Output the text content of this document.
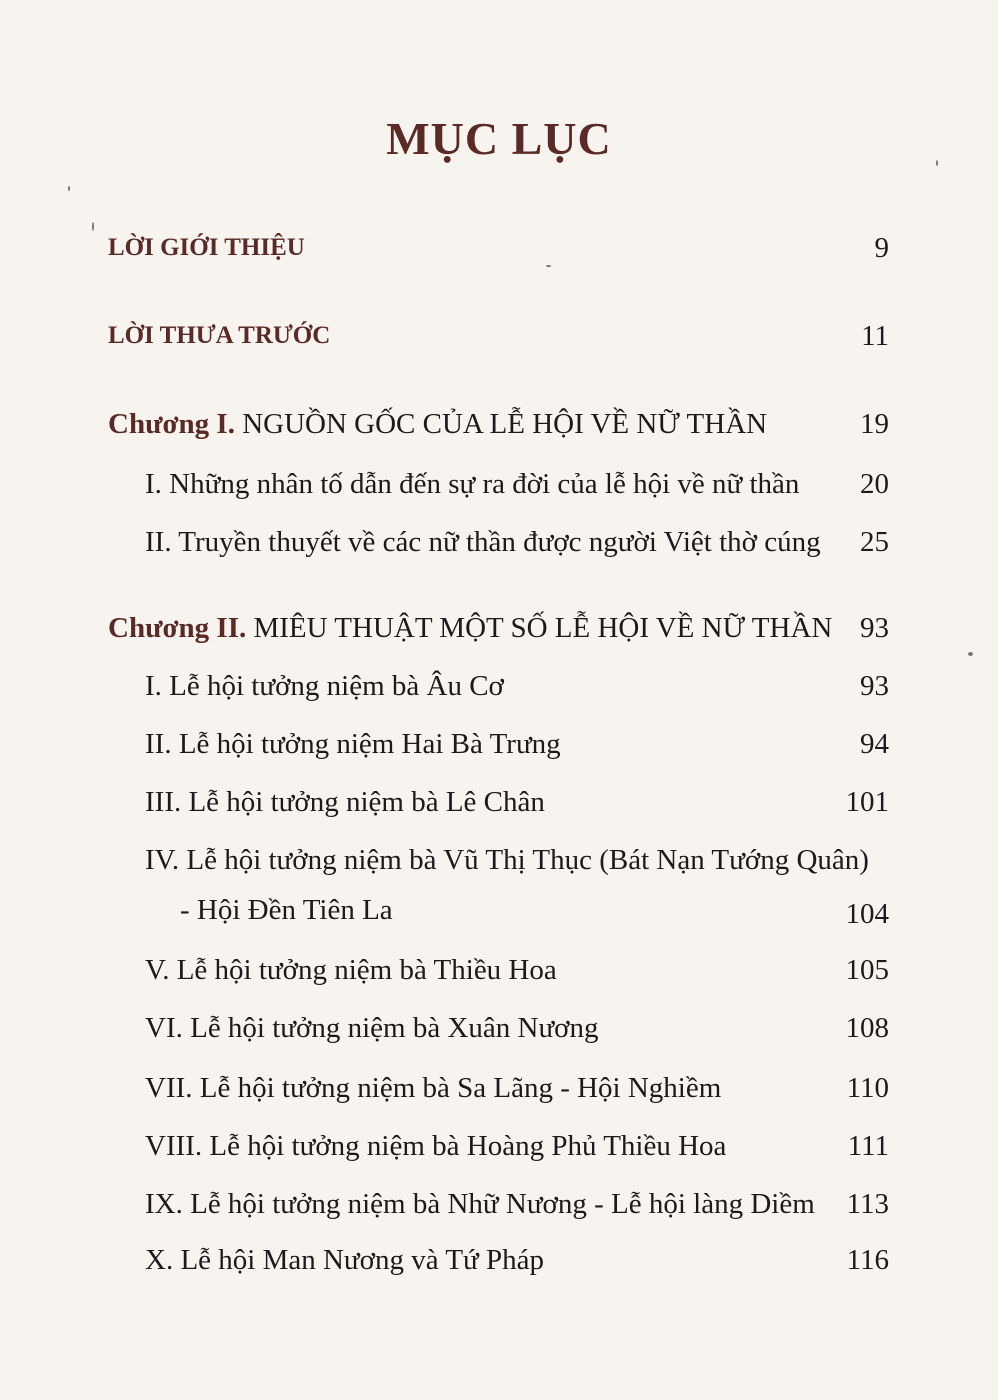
MỤC LỤC
LỜI GIỚI THIỆU	9
LỜI THƯA TRƯỚC	11
Chương I. NGUỒN GỐC CỦA LỄ HỘI VỀ NỮ THẦN	19
I. Những nhân tố dẫn đến sự ra đời của lễ hội về nữ thần 20
II. Truyền thuyết về các nữ thần được người Việt thờ cúng 25
Chương II. MIÊU THUẬT MỘT SỐ LỄ HỘI VỀ NỮ THẦN 93
I. Lễ hội tưởng niệm bà Âu Cơ	93
II. Lễ hội tưởng niệm Hai Bà Trưng	94
III. Lễ hội tưởng niệm bà Lê Chân	101
IV. Lễ hội tưởng niệm bà Vũ Thị Thục (Bát Nạn Tướng Quân)
- Hội Đền Tiên La	104
V. Lễ hội tưởng niệm bà Thiều Hoa	105
VI. Lễ hội tưởng niệm bà Xuân Nương	108
VII. Lễ hội tưởng niệm bà Sa Lãng - Hội Nghiềm	110
VIII. Lễ hội tưởng niệm bà Hoàng Phủ Thiều Hoa	111
IX. Lễ hội tưởng niệm bà Nhữ Nương - Lễ hội làng Diềm 113
X. Lễ hội Man Nương và Tứ Pháp	116
